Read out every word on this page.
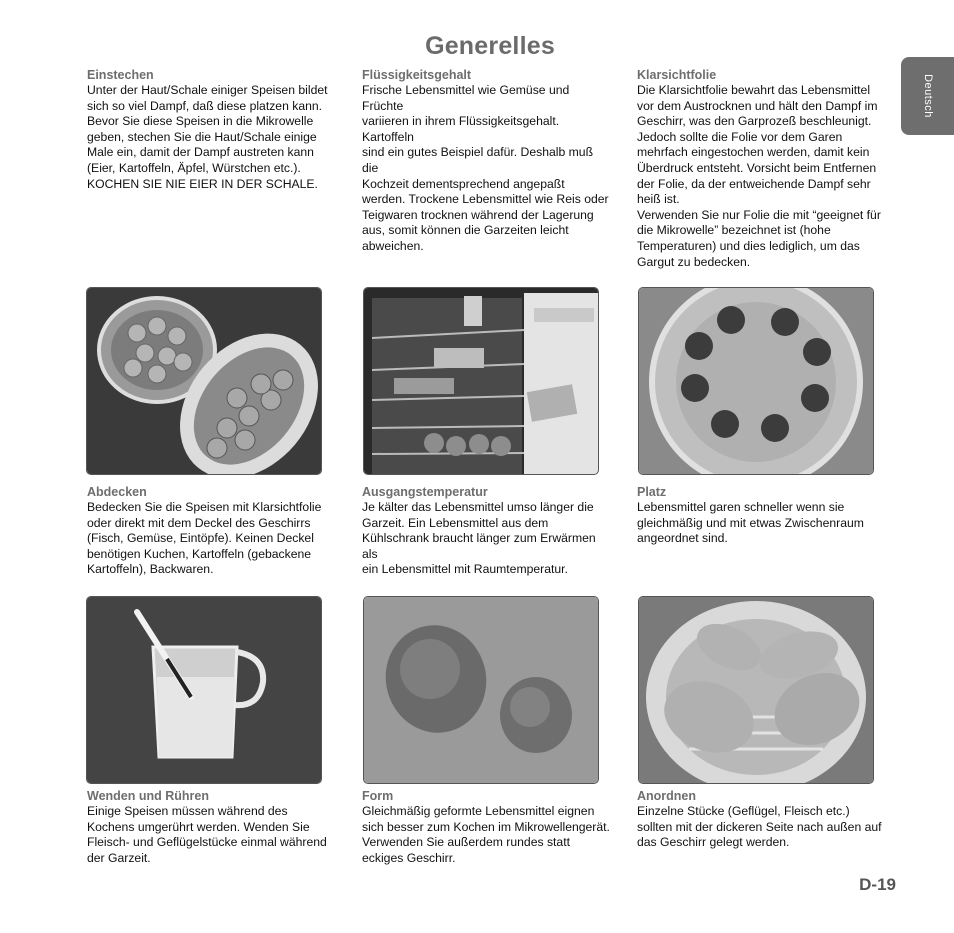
Generelles
Deutsch
Einstechen

Unter der Haut/Schale einiger Speisen bildet
sich so viel Dampf, daß diese platzen kann.
Bevor Sie diese Speisen in die Mikrowelle
geben, stechen Sie die Haut/Schale einige
Male ein, damit der Dampf austreten kann
(Eier, Kartoffeln, Äpfel, Würstchen etc.).
KOCHEN SIE NIE EIER IN DER SCHALE.

Flüssigkeitsgehalt

Frische Lebensmittel wie Gemüse und Früchte
variieren in ihrem Flüssigkeitsgehalt. Kartoffeln
sind ein gutes Beispiel dafür. Deshalb muß die
Kochzeit dementsprechend angepaßt
werden. Trockene Lebensmittel wie Reis oder
Teigwaren trocknen während der Lagerung
aus, somit können die Garzeiten leicht
abweichen.

Klarsichtfolie

Die Klarsichtfolie bewahrt das Lebensmittel
vor dem Austrocknen und hält den Dampf im
Geschirr, was den Garprozeß beschleunigt.
Jedoch sollte die Folie vor dem Garen
mehrfach eingestochen werden, damit kein
Überdruck entsteht. Vorsicht beim Entfernen
der Folie, da der entweichende Dampf sehr
heiß ist.
Verwenden Sie nur Folie die mit “geeignet für
die Mikrowelle” bezeichnet ist (hohe
Temperaturen) und dies lediglich, um das
Gargut zu bedecken.

Abdecken

Bedecken Sie die Speisen mit Klarsichtfolie
oder direkt mit dem Deckel des Geschirrs
(Fisch, Gemüse, Eintöpfe). Keinen Deckel
benötigen Kuchen, Kartoffeln (gebackene
Kartoffeln), Backwaren.

Ausgangstemperatur

Je kälter das Lebensmittel umso länger die
Garzeit. Ein Lebensmittel aus dem
Kühlschrank braucht länger zum Erwärmen als
ein Lebensmittel mit Raumtemperatur.

Platz

Lebensmittel garen schneller wenn sie
gleichmäßig und mit etwas Zwischenraum
angeordnet sind.

Wenden und Rühren

Einige Speisen müssen während des
Kochens umgerührt werden. Wenden Sie
Fleisch- und Geflügelstücke einmal während
der Garzeit.

Form

Gleichmäßig geformte Lebensmittel eignen
sich besser zum Kochen im Mikrowellengerät.
Verwenden Sie außerdem rundes statt
eckiges Geschirr.

Anordnen

Einzelne Stücke (Geflügel, Fleisch etc.)
sollten mit der dickeren Seite nach außen auf
das Geschirr gelegt werden.

D-19
